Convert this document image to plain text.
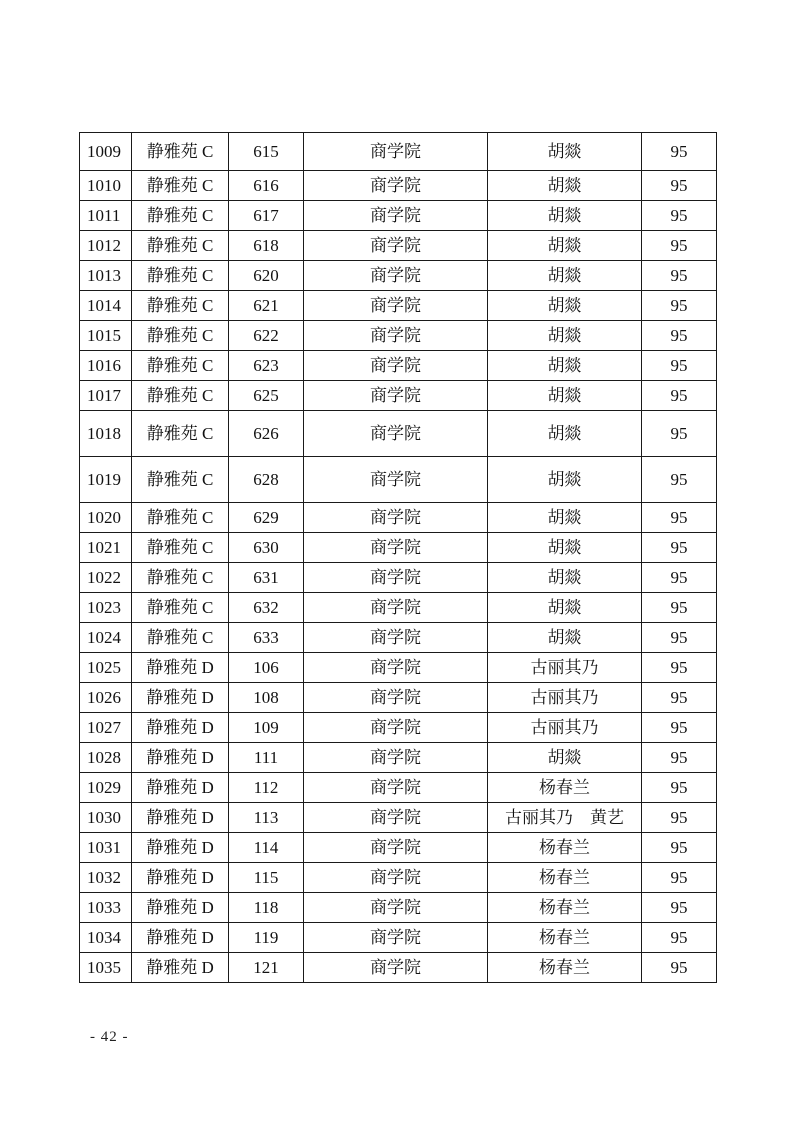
1009	静雅苑 C	615	商学院	胡燚	95
1010	静雅苑 C	616	商学院	胡燚	95
1011	静雅苑 C	617	商学院	胡燚	95
1012	静雅苑 C	618	商学院	胡燚	95
1013	静雅苑 C	620	商学院	胡燚	95
1014	静雅苑 C	621	商学院	胡燚	95
1015	静雅苑 C	622	商学院	胡燚	95
1016	静雅苑 C	623	商学院	胡燚	95
1017	静雅苑 C	625	商学院	胡燚	95
1018	静雅苑 C	626	商学院	胡燚	95
1019	静雅苑 C	628	商学院	胡燚	95
1020	静雅苑 C	629	商学院	胡燚	95
1021	静雅苑 C	630	商学院	胡燚	95
1022	静雅苑 C	631	商学院	胡燚	95
1023	静雅苑 C	632	商学院	胡燚	95
1024	静雅苑 C	633	商学院	胡燚	95
1025	静雅苑 D	106	商学院	古丽其乃	95
1026	静雅苑 D	108	商学院	古丽其乃	95
1027	静雅苑 D	109	商学院	古丽其乃	95
1028	静雅苑 D	111	商学院	胡燚	95
1029	静雅苑 D	112	商学院	杨春兰	95
1030	静雅苑 D	113	商学院	古丽其乃　黄艺	95
1031	静雅苑 D	114	商学院	杨春兰	95
1032	静雅苑 D	115	商学院	杨春兰	95
1033	静雅苑 D	118	商学院	杨春兰	95
1034	静雅苑 D	119	商学院	杨春兰	95
1035	静雅苑 D	121	商学院	杨春兰	95
- 42 -
